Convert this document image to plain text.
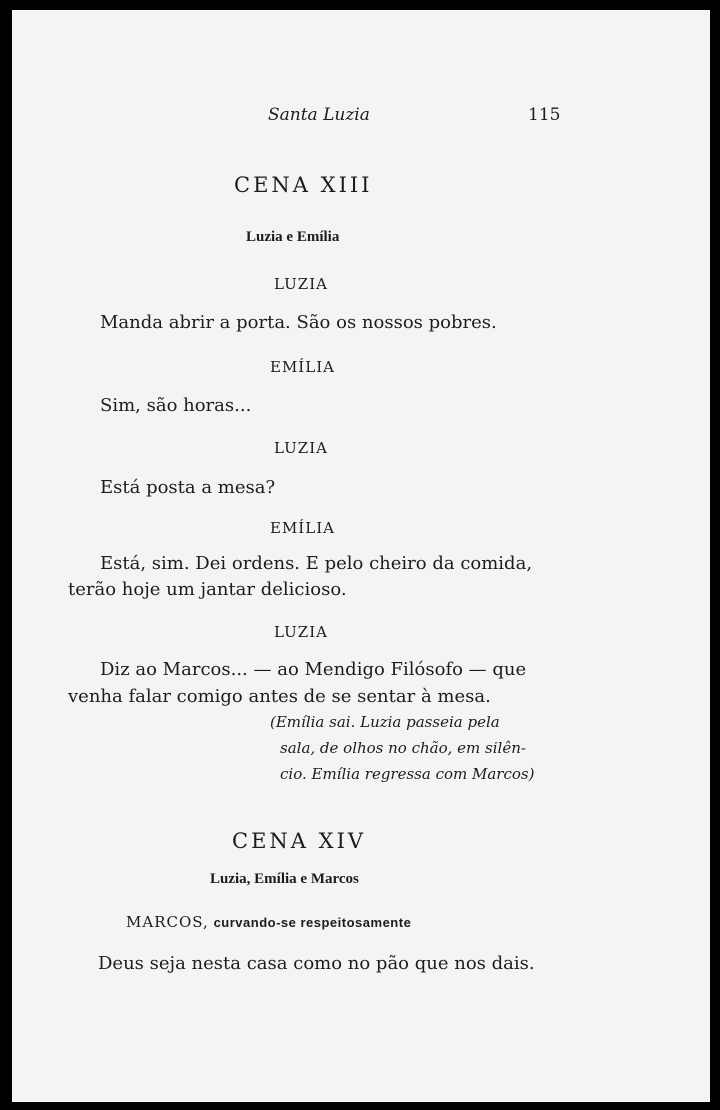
Santa Luzia	115
CENA XIII
Luzia e Emília
LUZIA
Manda abrir a porta. São os nossos pobres.
EMÍLIA
Sim, são horas...
LUZIA
Está posta a mesa?
EMÍLIA
Está, sim. Dei ordens. E pelo cheiro da comida,
terão hoje um jantar delicioso.
LUZIA
Diz ao Marcos... — ao Mendigo Filósofo — que
venha falar comigo antes de se sentar à mesa.
(Emília sai. Luzia passeia pela
sala, de olhos no chão, em silên-
cio. Emília regressa com Marcos)
CENA XIV
Luzia, Emília e Marcos
MARCOS, curvando-se respeitosamente
Deus seja nesta casa como no pão que nos dais.
